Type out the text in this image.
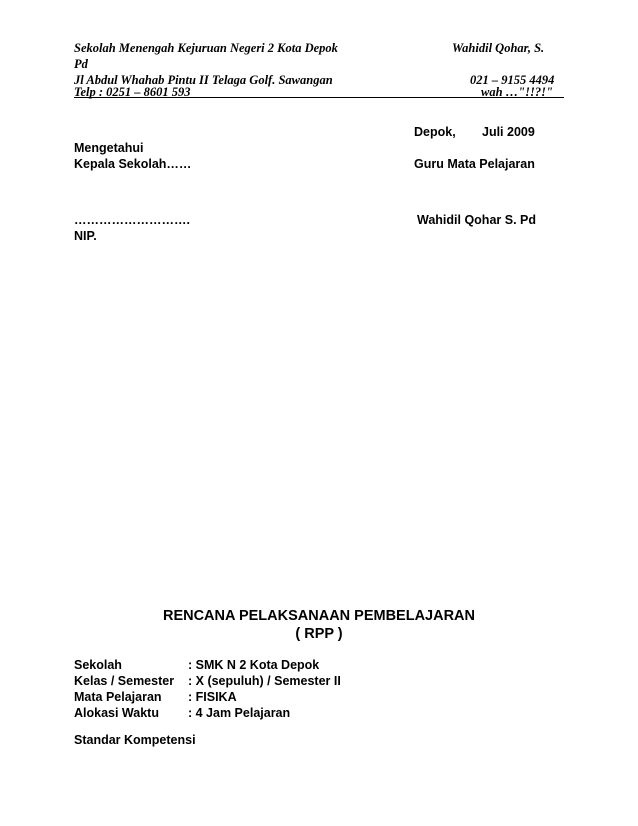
Sekolah Menengah Kejuruan Negeri 2 Kota Depok	Wahidil Qohar, S.
Pd
Jl Abdul Whahab Pintu II Telaga Golf. Sawangan	021 – 9155 4494
Telp : 0251 – 8601 593	wah …"!!?!"
Depok, Juli 2009
Mengetahui
Kepala Sekolah……	Guru Mata Pelajaran
……………………….	Wahidil Qohar S. Pd
NIP.
RENCANA PELAKSANAAN PEMBELAJARAN
( RPP )
Sekolah	: SMK N 2 Kota Depok
Kelas / Semester : X (sepuluh) / Semester II
Mata Pelajaran : FISIKA
Alokasi Waktu : 4 Jam Pelajaran
Standar Kompetensi
